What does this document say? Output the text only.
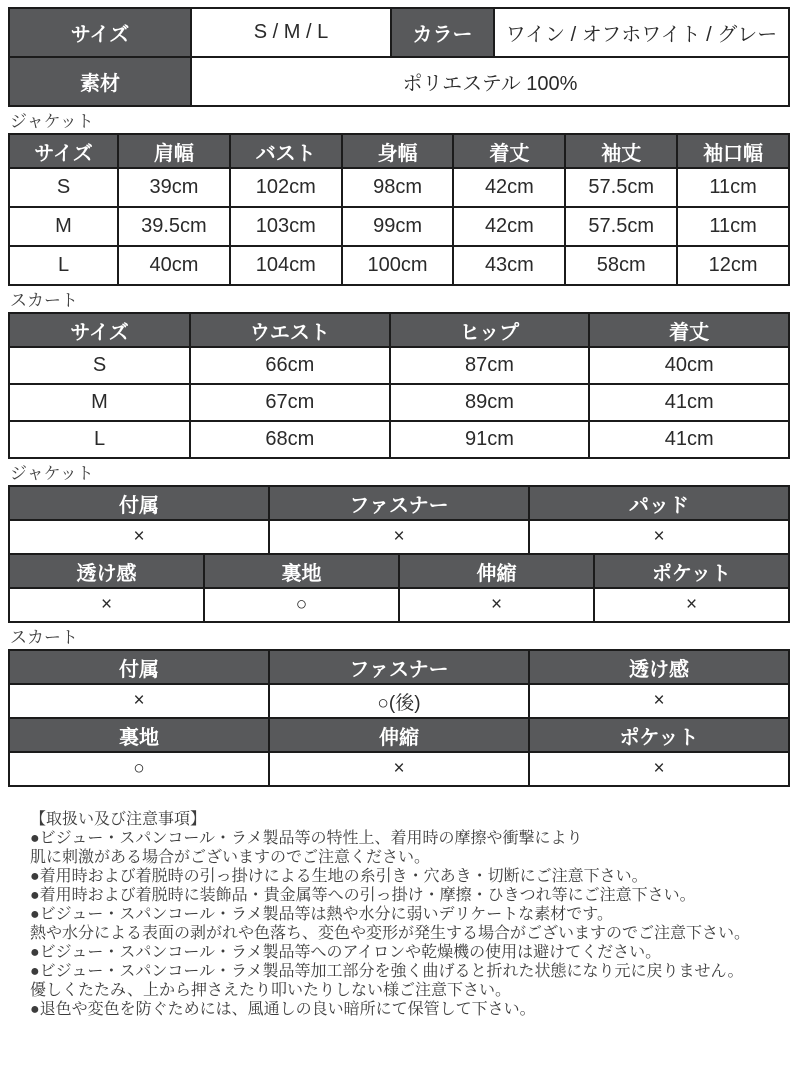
サイズ	S / M / L	カラー	ワイン / オフホワイト / グレー
素材	ポリエステル 100%		
ジャケット
サイズ	肩幅	バスト	身幅	着丈	袖丈	袖口幅
S	39cm	102cm	98cm	42cm	57.5cm	11cm
M	39.5cm	103cm	99cm	42cm	57.5cm	11cm
L	40cm	104cm	100cm	43cm	58cm	12cm
スカート
サイズ	ウエスト	ヒップ	着丈
S	66cm	87cm	40cm
M	67cm	89cm	41cm
L	68cm	91cm	41cm
ジャケット
付属		ファスナー		パッド	
×		×		×	
透け感	裏地		伸縮		ポケット
×	○		×		×
スカート
付属	ファスナー	透け感
×	○(後)	×
裏地	伸縮	ポケット
○	×	×
【取扱い及び注意事項】
●ビジュー・スパンコール・ラメ製品等の特性上、着用時の摩擦や衝撃により
肌に刺激がある場合がございますのでご注意ください。
●着用時および着脱時の引っ掛けによる生地の糸引き・穴あき・切断にご注意下さい。
●着用時および着脱時に装飾品・貴金属等への引っ掛け・摩擦・ひきつれ等にご注意下さい。
●ビジュー・スパンコール・ラメ製品等は熱や水分に弱いデリケートな素材です。
熱や水分による表面の剥がれや色落ち、変色や変形が発生する場合がございますのでご注意下さい。
●ビジュー・スパンコール・ラメ製品等へのアイロンや乾燥機の使用は避けてください。
●ビジュー・スパンコール・ラメ製品等加工部分を強く曲げると折れた状態になり元に戻りません。
優しくたたみ、上から押さえたり叩いたりしない様ご注意下さい。
●退色や変色を防ぐためには、風通しの良い暗所にて保管して下さい。
